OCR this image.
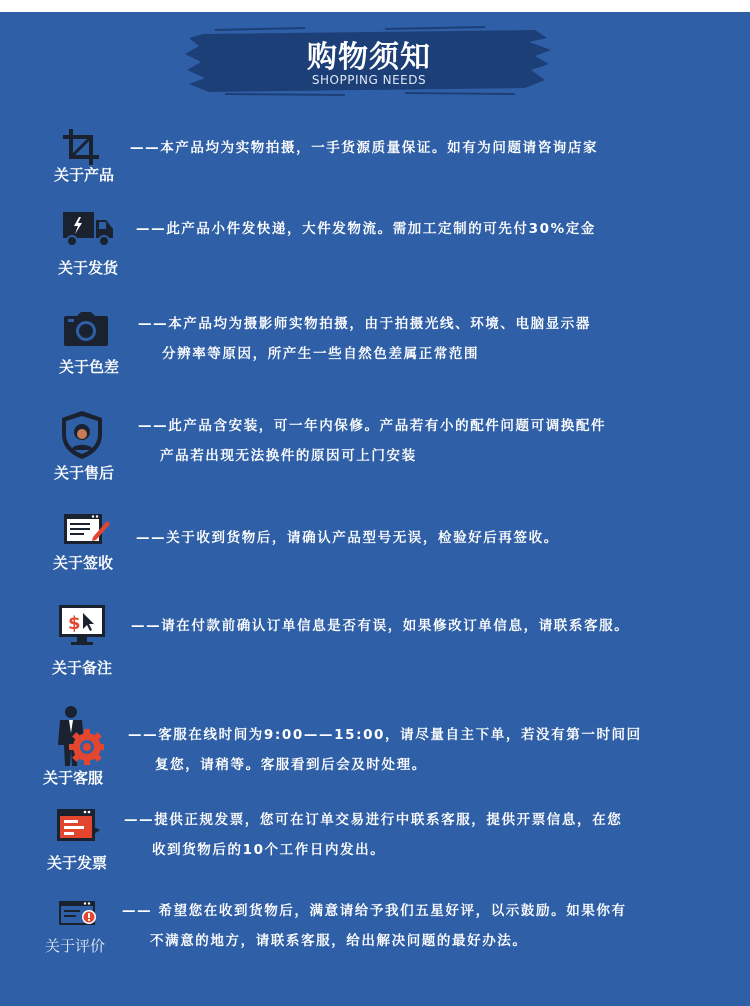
购物须知
SHOPPING NEEDS
关于产品
——本产品均为实物拍摄，一手货源质量保证。如有为问题请咨询店家
关于发货
——此产品小件发快递，大件发物流。需加工定制的可先付30%定金
关于色差
——本产品均为摄影师实物拍摄，由于拍摄光线、环境、电脑显示器
分辨率等原因，所产生一些自然色差属正常范围
关于售后
——此产品含安装，可一年内保修。产品若有小的配件问题可调换配件
产品若出现无法换件的原因可上门安装
关于签收
——关于收到货物后，请确认产品型号无误，检验好后再签收。
$
关于备注
——请在付款前确认订单信息是否有误，如果修改订单信息，请联系客服。
关于客服
——客服在线时间为9:00——15:00，请尽量自主下单，若没有第一时间回
复您，请稍等。客服看到后会及时处理。
关于发票
——提供正规发票，您可在订单交易进行中联系客服，提供开票信息，在您
收到货物后的10个工作日内发出。
关于评价
—— 希望您在收到货物后，满意请给予我们五星好评，以示鼓励。如果你有
不满意的地方，请联系客服，给出解决问题的最好办法。
